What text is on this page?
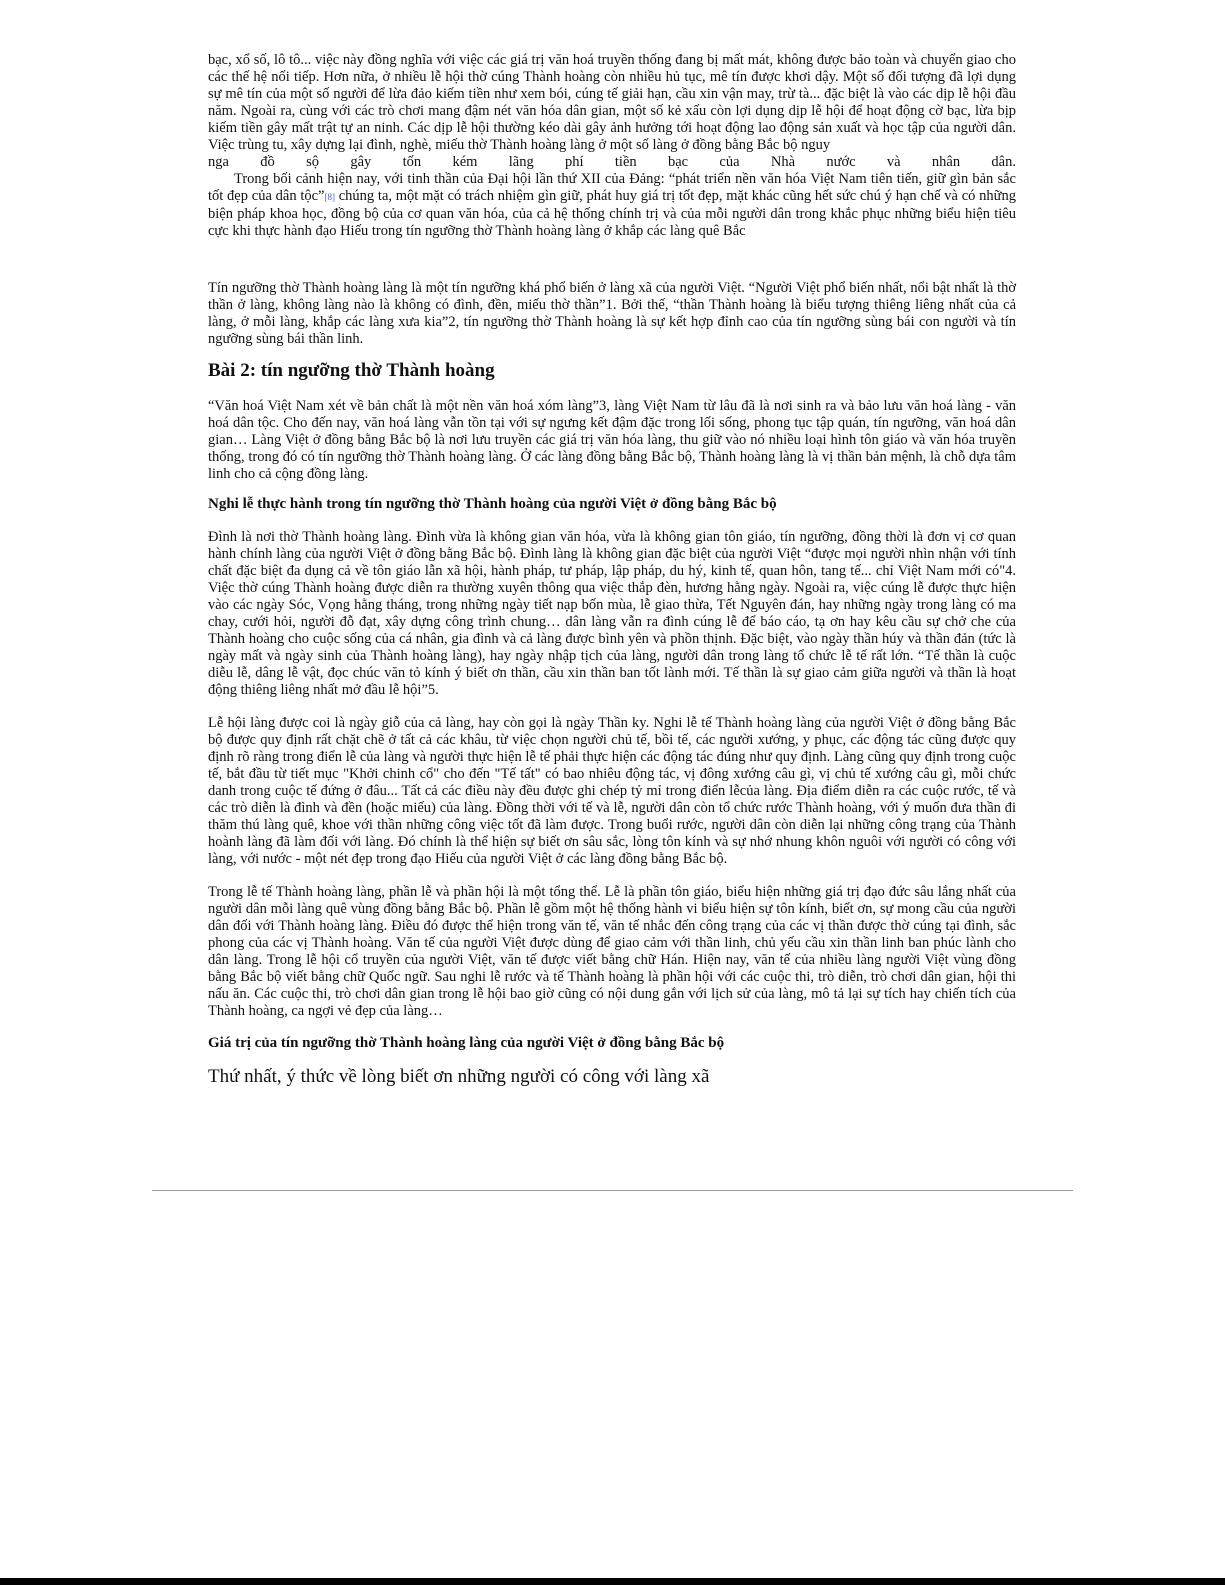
bạc, xổ số, lô tô... việc này đồng nghĩa với việc các giá trị văn hoá truyền thống đang bị mất mát, không được bảo toàn và chuyển giao cho các thế hệ nối tiếp. Hơn nữa, ở nhiều lễ hội thờ cúng Thành hoàng còn nhiều hủ tục, mê tín được khơi dậy. Một số đối tượng đã lợi dụng sự mê tín của một số người để lừa đảo kiếm tiền như xem bói, cúng tế giải hạn, cầu xin vận may, trừ tà... đặc biệt là vào các dịp lễ hội đầu năm. Ngoài ra, cùng với các trò chơi mang đậm nét văn hóa dân gian, một số kẻ xấu còn lợi dụng dịp lễ hội để hoạt động cờ bạc, lừa bịp kiếm tiền gây mất trật tự an ninh. Các dịp lễ hội thường kéo dài gây ảnh hưởng tới hoạt động lao động sản xuất và học tập của người dân. Việc trùng tu, xây dựng lại đình, nghè, miếu thờ Thành hoàng làng ở một số làng ở đồng bằng Bắc bộ nguy

nga đồ sộ gây tốn kém lãng phí tiền bạc của Nhà nước và nhân dân.

Trong bối cảnh hiện nay, với tinh thần của Đại hội lần thứ XII của Đảng: “phát triển nền văn hóa Việt Nam tiên tiến, giữ gìn bản sắc tốt đẹp của dân tộc”[8] chúng ta, một mặt có trách nhiệm gìn giữ, phát huy giá trị tốt đẹp, mặt khác cũng hết sức chú ý hạn chế và có những biện pháp khoa học, đồng bộ của cơ quan văn hóa, của cả hệ thống chính trị và của mỗi người dân trong khắc phục những biểu hiện tiêu cực khi thực hành đạo Hiếu trong tín ngưỡng thờ Thành hoàng làng ở khắp các làng quê Bắc

Tín ngưỡng thờ Thành hoàng làng là một tín ngưỡng khá phổ biến ở làng xã của người Việt. “Người Việt phổ biến nhất, nổi bật nhất là thờ thần ở làng, không làng nào là không có đình, đền, miếu thờ thần”1. Bởi thế, “thần Thành hoàng là biểu tượng thiêng liêng nhất của cả làng, ở mỗi làng, khắp các làng xưa kia”2, tín ngưỡng thờ Thành hoàng là sự kết hợp đỉnh cao của tín ngưỡng sùng bái con người và tín ngưỡng sùng bái thần linh.

Bài 2: tín ngưỡng thờ Thành hoàng

“Văn hoá Việt Nam xét về bản chất là một nền văn hoá xóm làng”3, làng Việt Nam từ lâu đã là nơi sinh ra và bảo lưu văn hoá làng - văn hoá dân tộc. Cho đến nay, văn hoá làng vẫn tồn tại với sự ngưng kết đậm đặc trong lối sống, phong tục tập quán, tín ngưỡng, văn hoá dân gian… Làng Việt ở đồng bằng Bắc bộ là nơi lưu truyền các giá trị văn hóa làng, thu giữ vào nó nhiều loại hình tôn giáo và văn hóa truyền thống, trong đó có tín ngưỡng thờ Thành hoàng làng. Ở các làng đồng bằng Bắc bộ, Thành hoàng làng là vị thần bản mệnh, là chỗ dựa tâm linh cho cả cộng đồng làng.

Nghi lễ thực hành trong tín ngưỡng thờ Thành hoàng của người Việt ở đồng bằng Bắc bộ

Đình là nơi thờ Thành hoàng làng. Đình vừa là không gian văn hóa, vừa là không gian tôn giáo, tín ngưỡng, đồng thời là đơn vị cơ quan hành chính làng của người Việt ở đồng bằng Bắc bộ. Đình làng là không gian đặc biệt của người Việt “được mọi người nhìn nhận với tính chất đặc biệt đa dụng cả về tôn giáo lẫn xã hội, hành pháp, tư pháp, lập pháp, du hý, kinh tế, quan hôn, tang tế... chỉ Việt Nam mới có"4. Việc thờ cúng Thành hoàng được diễn ra thường xuyên thông qua việc thắp đèn, hương hằng ngày. Ngoài ra, việc cúng lễ được thực hiện vào các ngày Sóc, Vọng hằng tháng, trong những ngày tiết nạp bốn mùa, lễ giao thừa, Tết Nguyên đán, hay những ngày trong làng có ma chay, cưới hỏi, người đỗ đạt, xây dựng công trình chung… dân làng vẫn ra đình cúng lễ để báo cáo, tạ ơn hay kêu cầu sự chở che của Thành hoàng cho cuộc sống của cá nhân, gia đình và cả làng được bình yên và phồn thịnh. Đặc biệt, vào ngày thần húy và thần đản (tức là ngày mất và ngày sinh của Thành hoàng làng), hay ngày nhập tịch của làng, người dân trong làng tổ chức lễ tế rất lớn. “Tế thần là cuộc diễu lễ, dâng lễ vật, đọc chúc văn tỏ kính ý biết ơn thần, cầu xin thần ban tốt lành mới. Tế thần là sự giao cảm giữa người và thần là hoạt động thiêng liêng nhất mở đầu lễ hội”5.

Lễ hội làng được coi là ngày giỗ của cả làng, hay còn gọi là ngày Thần ky. Nghi lễ tế Thành hoàng làng của người Việt ở đồng bằng Bắc bộ được quy định rất chặt chẽ ở tất cả các khâu, từ việc chọn người chủ tế, bồi tế, các người xướng, y phục, các động tác cũng được quy định rõ ràng trong điển lễ của làng và người thực hiện lễ tế phải thực hiện các động tác đúng như quy định. Làng cũng quy định trong cuộc tế, bắt đầu từ tiết mục "Khởi chinh cổ" cho đến "Tế tất" có bao nhiêu động tác, vị đông xướng câu gì, vị chủ tế xướng câu gì, mỗi chức danh trong cuộc tế đứng ở đâu... Tất cả các điều này đều được ghi chép tỷ mỉ trong điển lễcủa làng. Địa điểm diễn ra các cuộc rước, tế và các trò diễn là đình và đền (hoặc miếu) của làng. Đồng thời với tế và lễ, người dân còn tổ chức rước Thành hoàng, với ý muốn đưa thần đi thăm thú làng quê, khoe với thần những công việc tốt đã làm được. Trong buổi rước, người dân còn diễn lại những công trạng của Thành hoành làng đã làm đối với làng. Đó chính là thể hiện sự biết ơn sâu sắc, lòng tôn kính và sự nhớ nhung khôn nguôi với người có công với làng, với nước - một nét đẹp trong đạo Hiếu của người Việt ở các làng đồng bằng Bắc bộ.

Trong lễ tế Thành hoàng làng, phần lễ và phần hội là một tổng thể. Lễ là phần tôn giáo, biểu hiện những giá trị đạo đức sâu lắng nhất của người dân mỗi làng quê vùng đồng bằng Bắc bộ. Phần lễ gồm một hệ thống hành vi biểu hiện sự tôn kính, biết ơn, sự mong cầu của người dân đối với Thành hoàng làng. Điều đó được thể hiện trong văn tế, văn tế nhắc đến công trạng của các vị thần được thờ cúng tại đình, sắc phong của các vị Thành hoàng. Văn tế của người Việt được dùng để giao cảm với thần linh, chủ yếu cầu xin thần linh ban phúc lành cho dân làng. Trong lễ hội cổ truyền của người Việt, văn tế được viết bằng chữ Hán. Hiện nay, văn tế của nhiều làng người Việt vùng đồng bằng Bắc bộ viết bằng chữ Quốc ngữ. Sau nghi lễ rước và tế Thành hoàng là phần hội với các cuộc thi, trò diễn, trò chơi dân gian, hội thi nấu ăn. Các cuộc thi, trò chơi dân gian trong lễ hội bao giờ cũng có nội dung gắn với lịch sử của làng, mô tả lại sự tích hay chiến tích của Thành hoàng, ca ngợi vẻ đẹp của làng…

Giá trị của tín ngưỡng thờ Thành hoàng làng của người Việt ở đồng bằng Bắc bộ

Thứ nhất, ý thức về lòng biết ơn những người có công với làng xã
